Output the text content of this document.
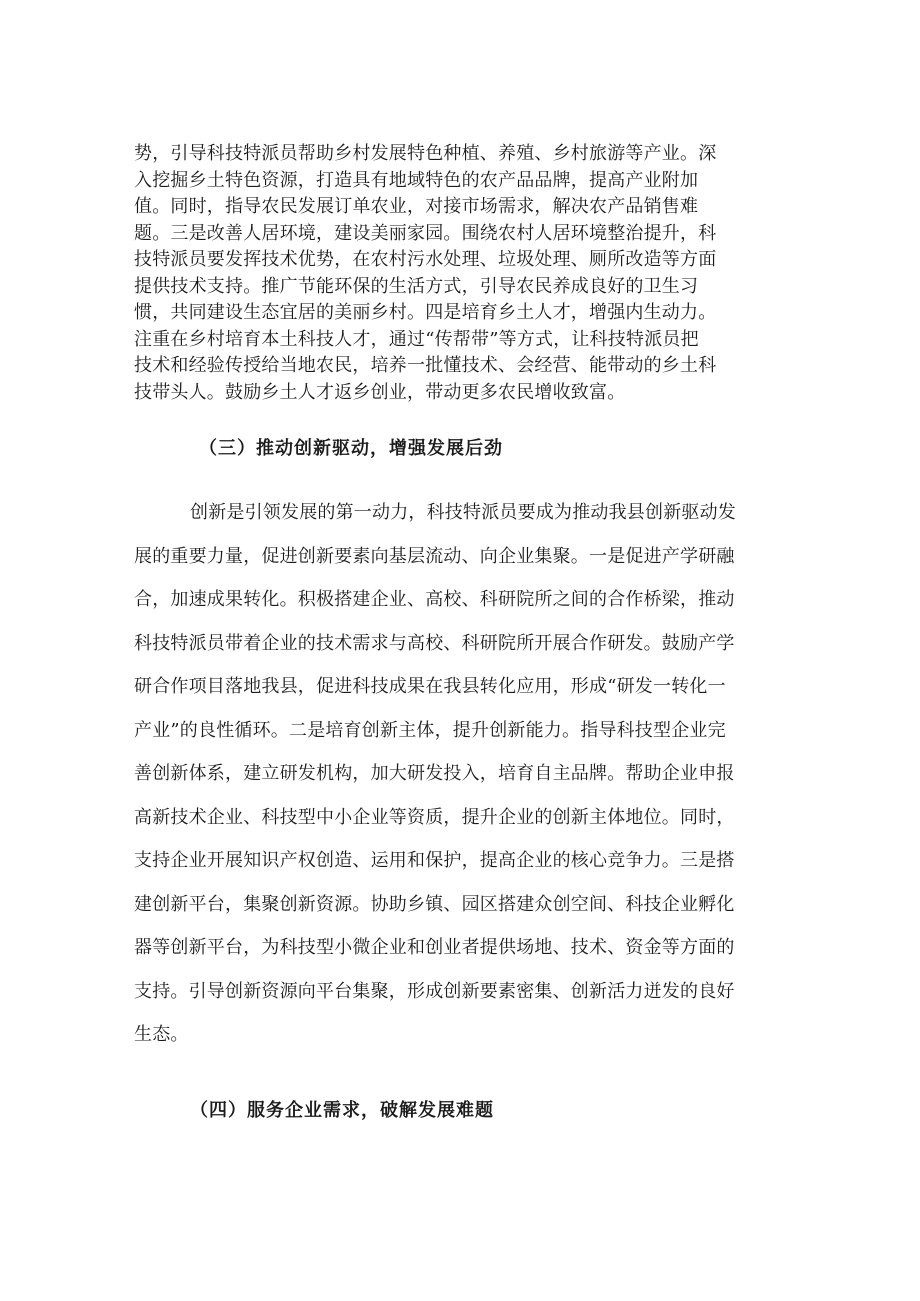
势，引导科技特派员帮助乡村发展特色种植、养殖、乡村旅游等产业。深
入挖掘乡土特色资源，打造具有地域特色的农产品品牌，提高产业附加
值。同时，指导农民发展订单农业，对接市场需求，解决农产品销售难
题。三是改善人居环境，建设美丽家园。围绕农村人居环境整治提升，科
技特派员要发挥技术优势，在农村污水处理、垃圾处理、厕所改造等方面
提供技术支持。推广节能环保的生活方式，引导农民养成良好的卫生习
惯，共同建设生态宜居的美丽乡村。四是培育乡土人才，增强内生动力。
注重在乡村培育本土科技人才，通过“传帮带”等方式，让科技特派员把
技术和经验传授给当地农民，培养一批懂技术、会经营、能带动的乡土科
技带头人。鼓励乡土人才返乡创业，带动更多农民增收致富。
（三）推动创新驱动，增强发展后劲
创新是引领发展的第一动力，科技特派员要成为推动我县创新驱动发
展的重要力量，促进创新要素向基层流动、向企业集聚。一是促进产学研融
合，加速成果转化。积极搭建企业、高校、科研院所之间的合作桥梁，推动
科技特派员带着企业的技术需求与高校、科研院所开展合作研发。鼓励产学
研合作项目落地我县，促进科技成果在我县转化应用，形成“研发一转化一
产业”的良性循环。二是培育创新主体，提升创新能力。指导科技型企业完
善创新体系，建立研发机构，加大研发投入，培育自主品牌。帮助企业申报
高新技术企业、科技型中小企业等资质，提升企业的创新主体地位。同时，
支持企业开展知识产权创造、运用和保护，提高企业的核心竞争力。三是搭
建创新平台，集聚创新资源。协助乡镇、园区搭建众创空间、科技企业孵化
器等创新平台，为科技型小微企业和创业者提供场地、技术、资金等方面的
支持。引导创新资源向平台集聚，形成创新要素密集、创新活力迸发的良好
生态。
（四）服务企业需求，破解发展难题
